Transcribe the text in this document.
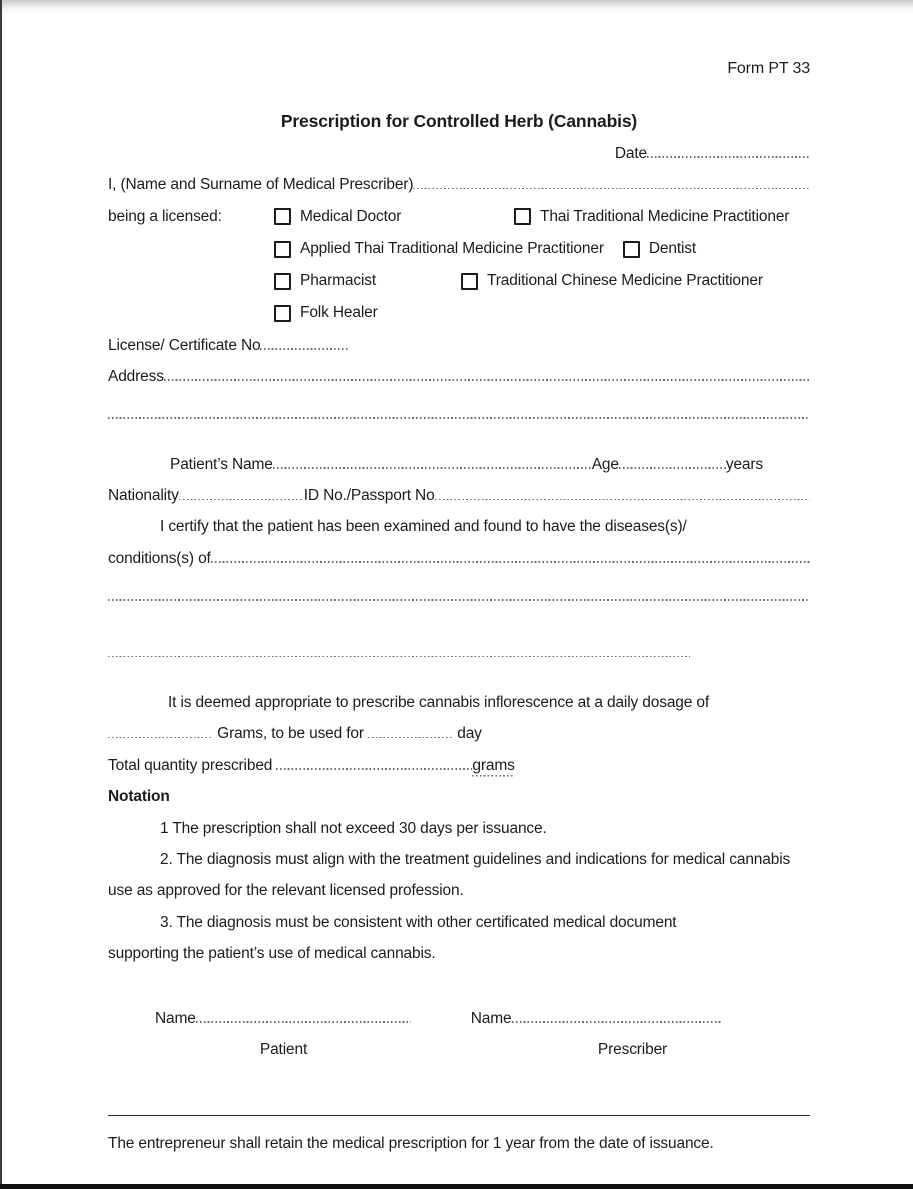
Form PT 33
Prescription for Controlled Herb (Cannabis)
Date
I, (Name and Surname of Medical Prescriber)
being a licensed:	Medical Doctor	Thai Traditional Medicine Practitioner
Applied Thai Traditional Medicine Practitioner	Dentist
Pharmacist	Traditional Chinese Medicine Practitioner
Folk Healer
License/ Certificate No
Address
Patient’s Name	Age	years
Nationality	ID No./Passport No
I certify that the patient has been examined and found to have the diseases(s)/
conditions(s) of
It is deemed appropriate to prescribe cannabis inflorescence at a daily dosage of
Grams, to be used for	day
Total quantity prescribed	grams
Notation
1 The prescription shall not exceed 30 days per issuance.
2. The diagnosis must align with the treatment guidelines and indications for medical cannabis use as approved for the relevant licensed profession.
3. The diagnosis must be consistent with other certificated medical document supporting the patient’s use of medical cannabis.
Name	Name
Patient	Prescriber
The entrepreneur shall retain the medical prescription for 1 year from the date of issuance.
